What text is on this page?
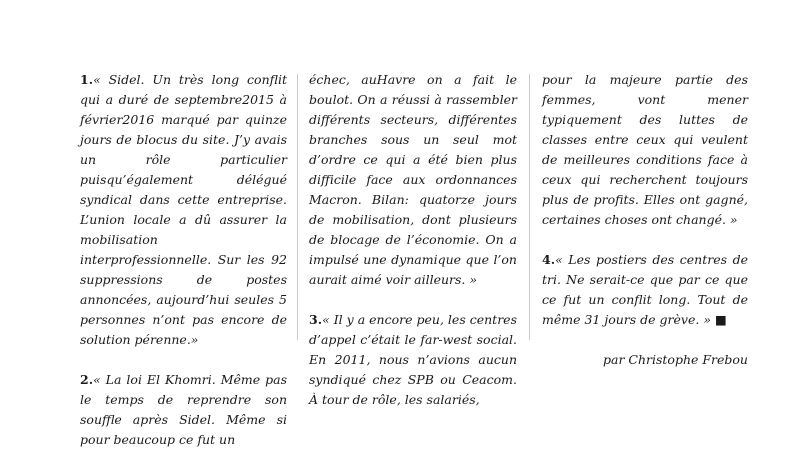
1.« Sidel. Un très long conflit qui a duré de septembre2015 à février2016 marqué par quinze jours de blocus du site. J’y avais un rôle particulier puisqu’également délégué syndical dans cette entreprise. L’union locale a dû assurer la mobilisation interprofessionnelle. Sur les 92 suppressions de postes annoncées, aujourd’hui seules 5 personnes n’ont pas encore de solution pérenne.»

2.« La loi El Khomri. Même pas le temps de reprendre son souffle après Sidel. Même si pour beaucoup ce fut un

échec, auHavre on a fait le boulot. On a réussi à rassembler différents secteurs, différentes branches sous un seul mot d’ordre ce qui a été bien plus difficile face aux ordonnances Macron. Bilan: quatorze jours de mobilisation, dont plusieurs de blocage de l’économie. On a impulsé une dynamique que l’on aurait aimé voir ailleurs. »

3.« Il y a encore peu, les centres d’appel c’était le far-west social. En 2011, nous n’avions aucun syndiqué chez SPB ou Ceacom. À tour de rôle, les salariés,

pour la majeure partie des femmes, vont mener typiquement des luttes de classes entre ceux qui veulent de meilleures conditions face à ceux qui recherchent toujours plus de profits. Elles ont gagné, certaines choses ont changé. »

4.« Les postiers des centres de tri. Ne serait-ce que par ce que ce fut un conflit long. Tout de même 31 jours de grève. » ■

par Christophe Frebou
